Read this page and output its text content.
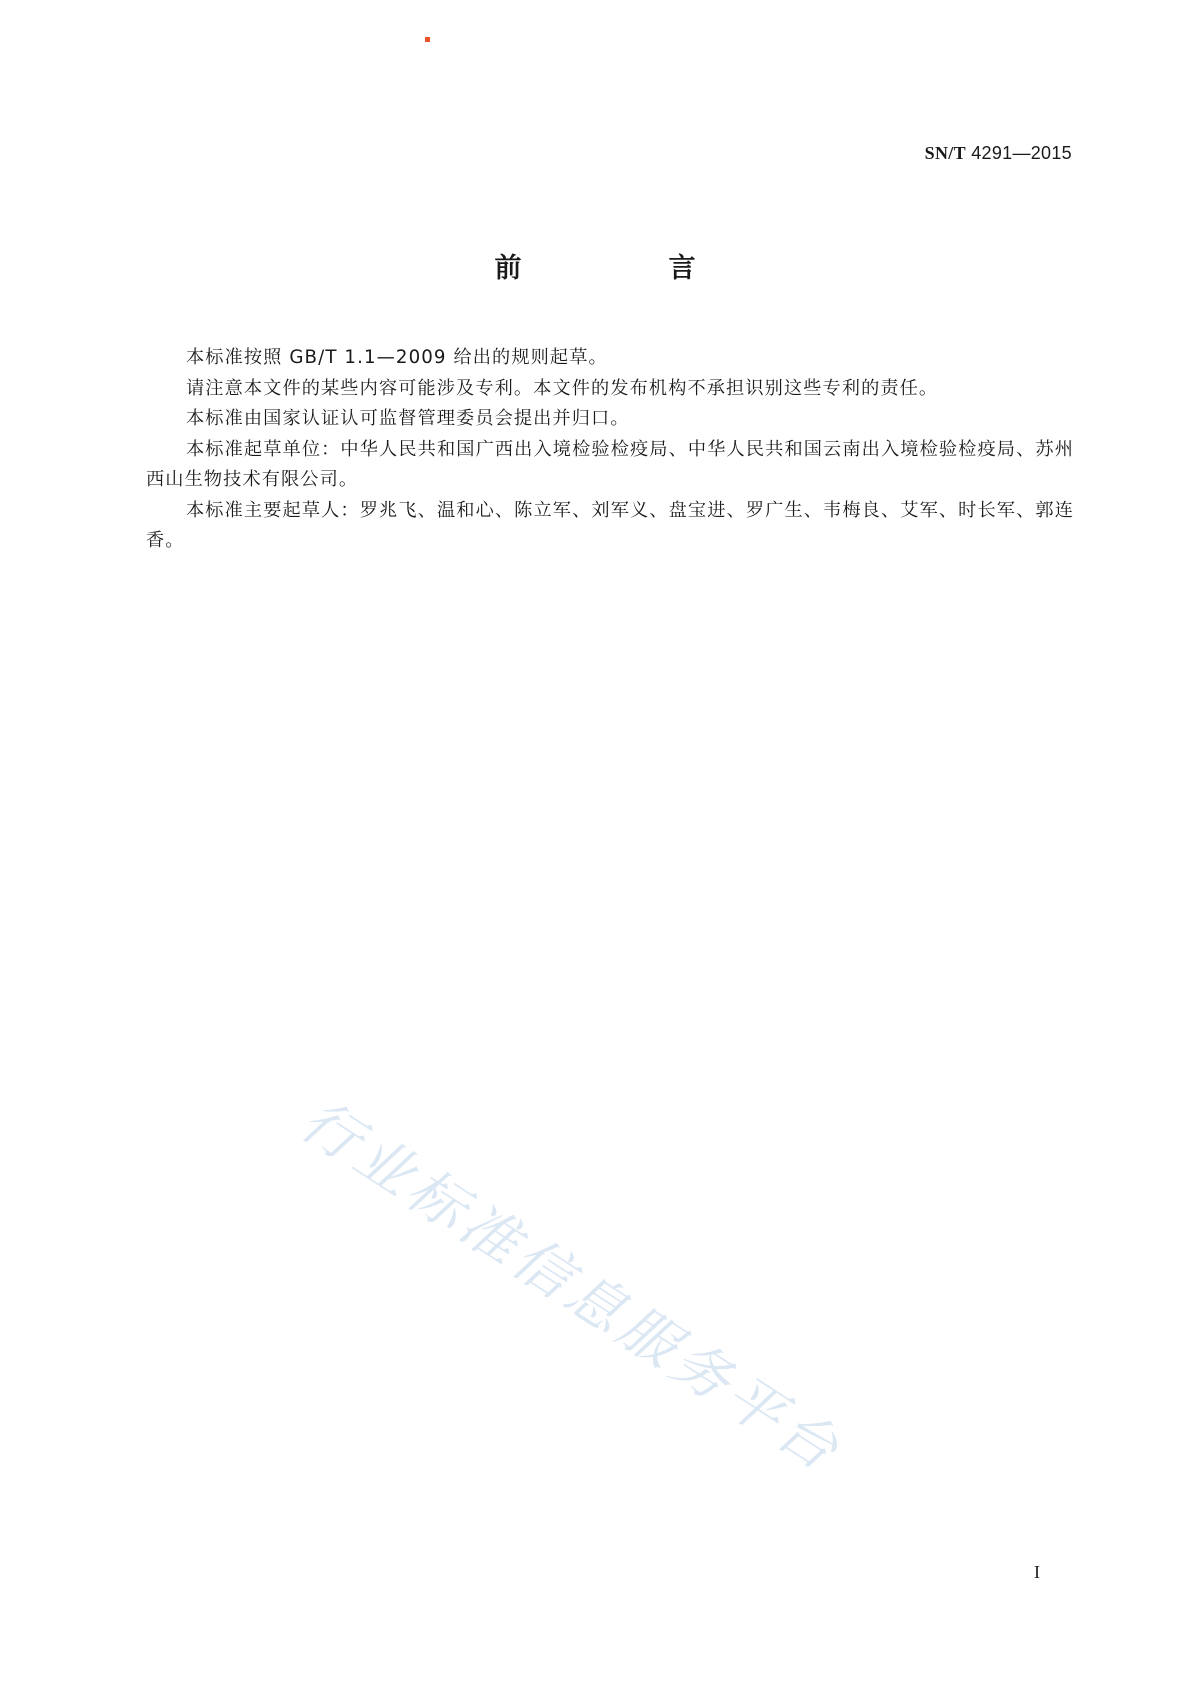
SN/T 4291—2015
前　言

本标准按照 GB/T 1.1—2009 给出的规则起草。

请注意本文件的某些内容可能涉及专利。本文件的发布机构不承担识别这些专利的责任。

本标准由国家认证认可监督管理委员会提出并归口。

本标准起草单位：中华人民共和国广西出入境检验检疫局、中华人民共和国云南出入境检验检疫局、苏州西山生物技术有限公司。

本标准主要起草人：罗兆飞、温和心、陈立军、刘军义、盘宝进、罗广生、韦梅良、艾军、时长军、郭连香。

行业标准信息服务平台
I
